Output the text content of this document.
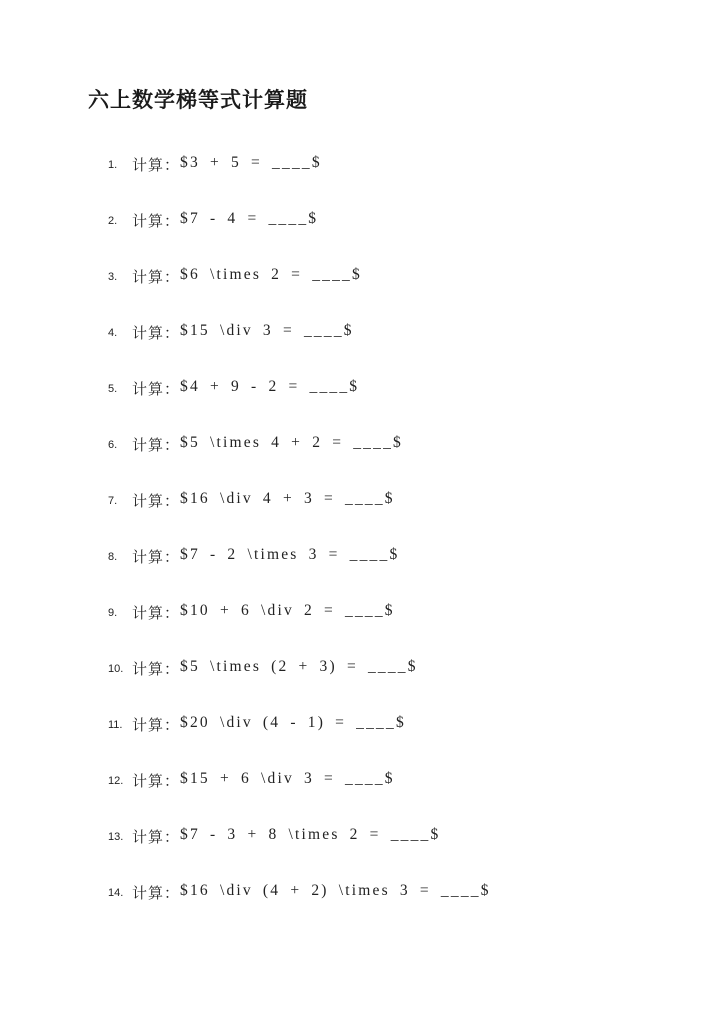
六上数学梯等式计算题
1. 计算： $3 + 5 = ____$
2. 计算： $7 - 4 = ____$
3. 计算： $6 \times 2 = ____$
4. 计算： $15 \div 3 = ____$
5. 计算： $4 + 9 - 2 = ____$
6. 计算： $5 \times 4 + 2 = ____$
7. 计算： $16 \div 4 + 3 = ____$
8. 计算： $7 - 2 \times 3 = ____$
9. 计算： $10 + 6 \div 2 = ____$
10. 计算： $5 \times (2 + 3) = ____$
11. 计算： $20 \div (4 - 1) = ____$
12. 计算： $15 + 6 \div 3 = ____$
13. 计算： $7 - 3 + 8 \times 2 = ____$
14. 计算： $16 \div (4 + 2) \times 3 = ____$
